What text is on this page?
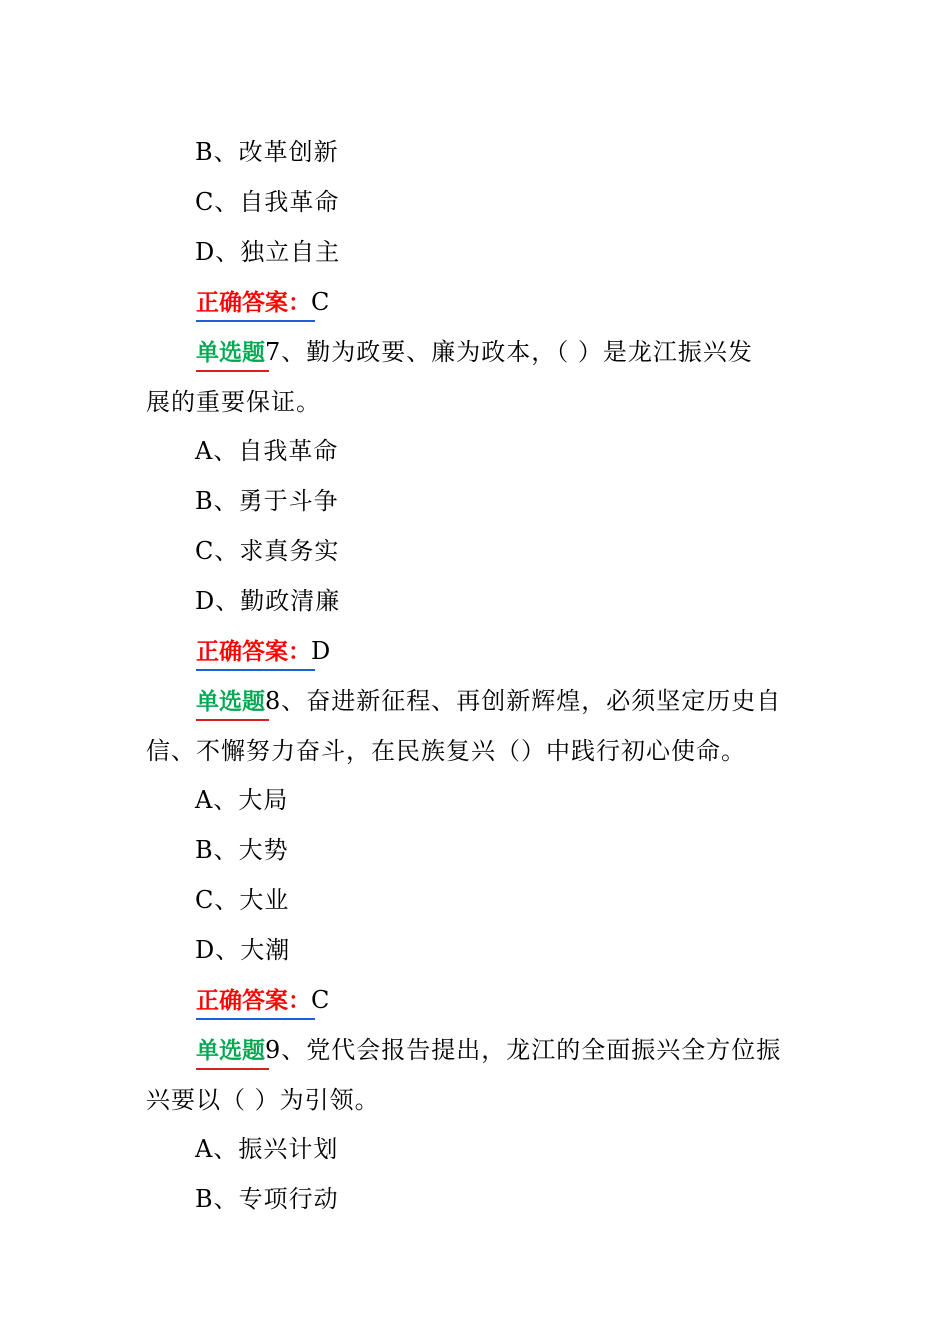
B、改革创新
C、自我革命
D、独立自主
正确答案：C
单选题7、勤为政要、廉为政本，（ ）是龙江振兴发
展的重要保证。
A、自我革命
B、勇于斗争
C、求真务实
D、勤政清廉
正确答案：D
单选题8、奋进新征程、再创新辉煌，必须坚定历史自
信、不懈努力奋斗，在民族复兴（）中践行初心使命。
A、大局
B、大势
C、大业
D、大潮
正确答案：C
单选题9、党代会报告提出，龙江的全面振兴全方位振
兴要以（ ）为引领。
A、振兴计划
B、专项行动
